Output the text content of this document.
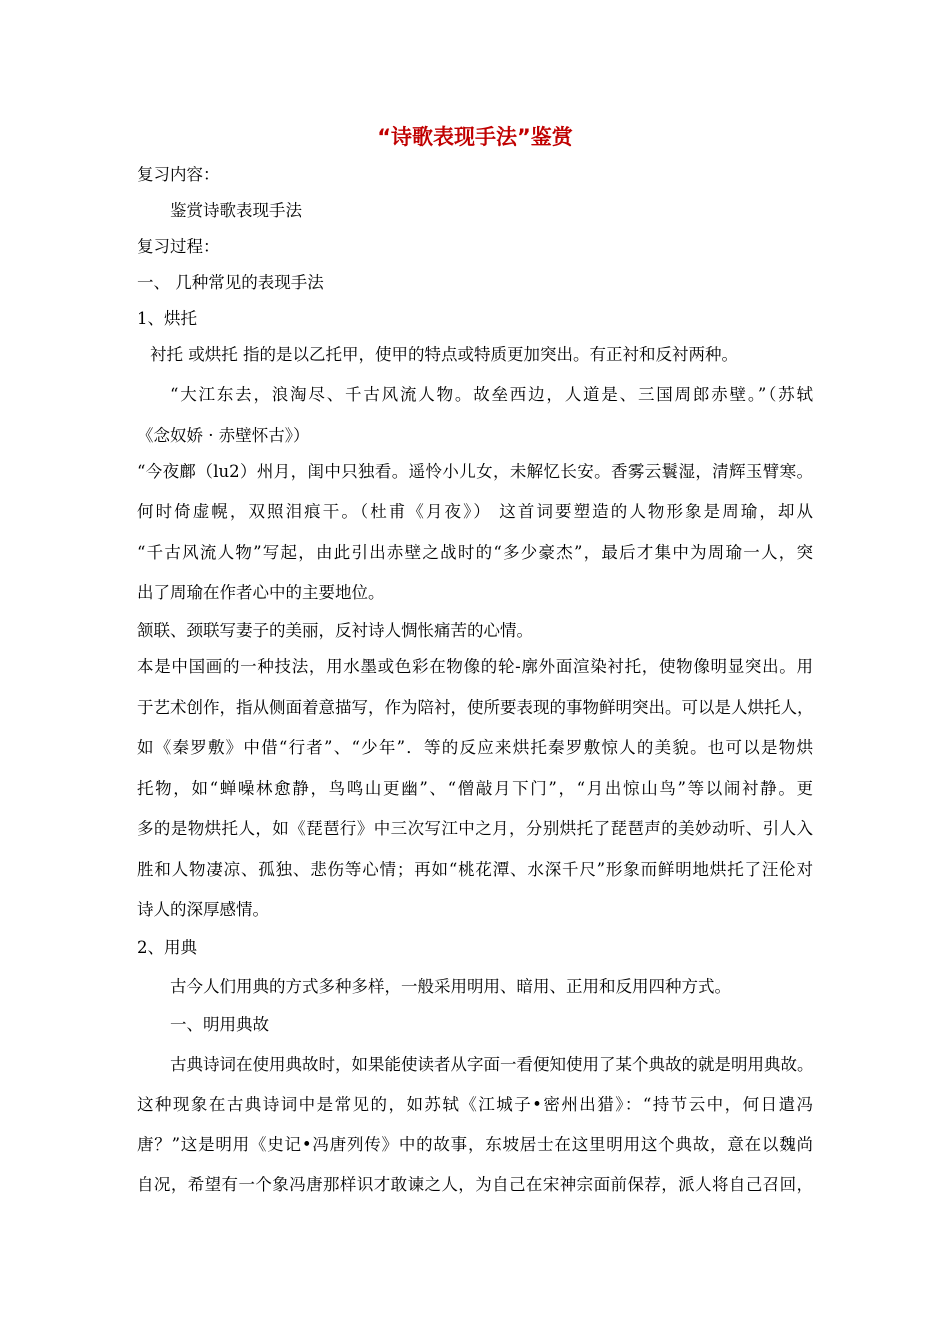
“诗歌表现手法”鉴赏
复习内容：
鉴赏诗歌表现手法
复习过程：
一、 几种常见的表现手法
1、烘托
衬托 或烘托 指的是以乙托甲，使甲的特点或特质更加突出。有正衬和反衬两种。
“大江东去，浪淘尽、千古风流人物。故垒西边，人道是、三国周郎赤壁。”（苏轼
《念奴娇 · 赤壁怀古》）
“今夜鄜（lu2）州月，闺中只独看。遥怜小儿女，未解忆长安。香雾云鬟湿，清辉玉臂寒。
何时倚虚幌，双照泪痕干。（杜甫《月夜》） 这首词要塑造的人物形象是周瑜，却从
“千古风流人物”写起，由此引出赤壁之战时的“多少豪杰”，最后才集中为周瑜一人，突
出了周瑜在作者心中的主要地位。
颔联、颈联写妻子的美丽，反衬诗人惆怅痛苦的心情。
本是中国画的一种技法，用水墨或色彩在物像的轮-廓外面渲染衬托，使物像明显突出。用
于艺术创作，指从侧面着意描写，作为陪衬，使所要表现的事物鲜明突出。可以是人烘托人，
如《秦罗敷》中借“行者”、“少年”．等的反应来烘托秦罗敷惊人的美貌。也可以是物烘
托物，如“蝉噪林愈静，鸟鸣山更幽”、“僧敲月下门”，“月出惊山鸟”等以闹衬静。更
多的是物烘托人，如《琵琶行》中三次写江中之月，分别烘托了琵琶声的美妙动听、引人入
胜和人物凄凉、孤独、悲伤等心情；再如“桃花潭、水深千尺”形象而鲜明地烘托了汪伦对
诗人的深厚感情。
2、用典
古今人们用典的方式多种多样，一般采用明用、暗用、正用和反用四种方式。
一、明用典故
古典诗词在使用典故时，如果能使读者从字面一看便知使用了某个典故的就是明用典故。
这种现象在古典诗词中是常见的，如苏轼《江城子•密州出猎》：“持节云中，何日遣冯
唐？”这是明用《史记•冯唐列传》中的故事，东坡居士在这里明用这个典故，意在以魏尚
自况，希望有一个象冯唐那样识才敢谏之人，为自己在宋神宗面前保荐，派人将自己召回，
